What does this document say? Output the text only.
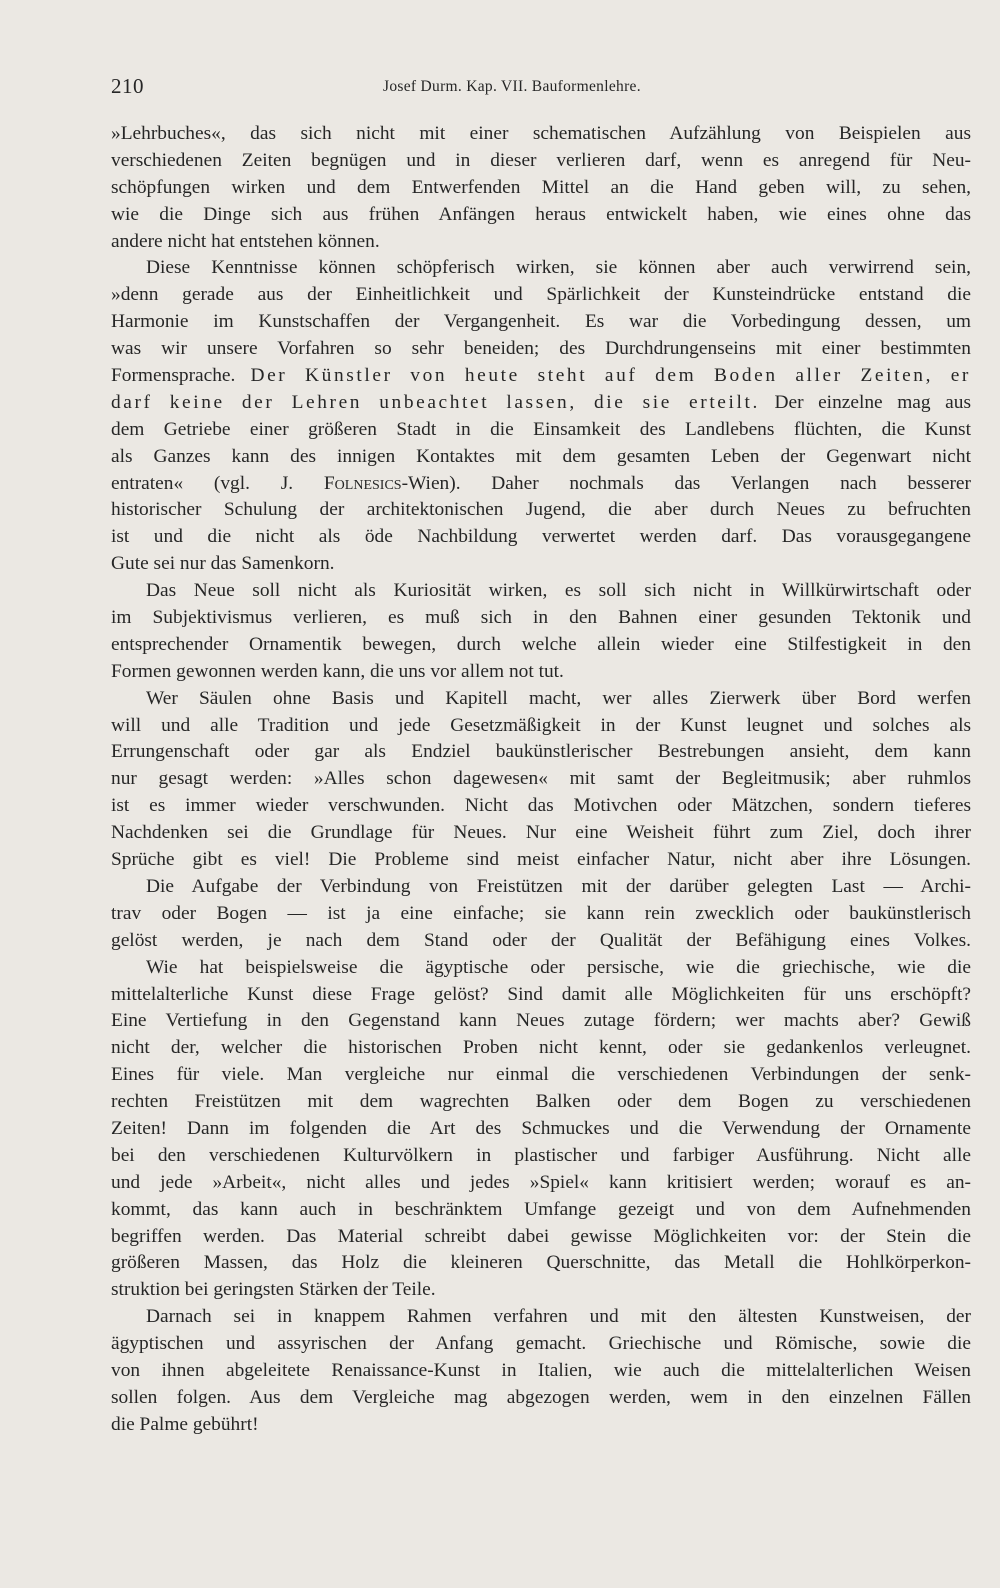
210	Josef Durm. Kap. VII. Bauformenlehre.
»Lehrbuches«, das sich nicht mit einer schematischen Aufzählung von Beispielen aus
verschiedenen Zeiten begnügen und in dieser verlieren darf, wenn es anregend für Neu-
schöpfungen wirken und dem Entwerfenden Mittel an die Hand geben will, zu sehen,
wie die Dinge sich aus frühen Anfängen heraus entwickelt haben, wie eines ohne das
andere nicht hat entstehen können.
Diese Kenntnisse können schöpferisch wirken, sie können aber auch verwirrend sein,
»denn gerade aus der Einheitlichkeit und Spärlichkeit der Kunsteindrücke entstand die
Harmonie im Kunstschaffen der Vergangenheit. Es war die Vorbedingung dessen, um
was wir unsere Vorfahren so sehr beneiden; des Durchdrungenseins mit einer bestimmten
Formensprache. Der Künstler von heute steht auf dem Boden aller Zeiten, er
darf keine der Lehren unbeachtet lassen, die sie erteilt. Der einzelne mag aus
dem Getriebe einer größeren Stadt in die Einsamkeit des Landlebens flüchten, die Kunst
als Ganzes kann des innigen Kontaktes mit dem gesamten Leben der Gegenwart nicht
entraten« (vgl. J. Folnesics-Wien). Daher nochmals das Verlangen nach besserer
historischer Schulung der architektonischen Jugend, die aber durch Neues zu befruchten
ist und die nicht als öde Nachbildung verwertet werden darf. Das vorausgegangene
Gute sei nur das Samenkorn.
Das Neue soll nicht als Kuriosität wirken, es soll sich nicht in Willkürwirtschaft oder
im Subjektivismus verlieren, es muß sich in den Bahnen einer gesunden Tektonik und
entsprechender Ornamentik bewegen, durch welche allein wieder eine Stilfestigkeit in den
Formen gewonnen werden kann, die uns vor allem not tut.
Wer Säulen ohne Basis und Kapitell macht, wer alles Zierwerk über Bord werfen
will und alle Tradition und jede Gesetzmäßigkeit in der Kunst leugnet und solches als
Errungenschaft oder gar als Endziel baukünstlerischer Bestrebungen ansieht, dem kann
nur gesagt werden: »Alles schon dagewesen« mit samt der Begleitmusik; aber ruhmlos
ist es immer wieder verschwunden. Nicht das Motivchen oder Mätzchen, sondern tieferes
Nachdenken sei die Grundlage für Neues. Nur eine Weisheit führt zum Ziel, doch ihrer
Sprüche gibt es viel! Die Probleme sind meist einfacher Natur, nicht aber ihre Lösungen.
Die Aufgabe der Verbindung von Freistützen mit der darüber gelegten Last — Archi-
trav oder Bogen — ist ja eine einfache; sie kann rein zwecklich oder baukünstlerisch
gelöst werden, je nach dem Stand oder der Qualität der Befähigung eines Volkes.
Wie hat beispielsweise die ägyptische oder persische, wie die griechische, wie die
mittelalterliche Kunst diese Frage gelöst? Sind damit alle Möglichkeiten für uns erschöpft?
Eine Vertiefung in den Gegenstand kann Neues zutage fördern; wer machts aber? Gewiß
nicht der, welcher die historischen Proben nicht kennt, oder sie gedankenlos verleugnet.
Eines für viele. Man vergleiche nur einmal die verschiedenen Verbindungen der senk-
rechten Freistützen mit dem wagrechten Balken oder dem Bogen zu verschiedenen
Zeiten! Dann im folgenden die Art des Schmuckes und die Verwendung der Ornamente
bei den verschiedenen Kulturvölkern in plastischer und farbiger Ausführung. Nicht alle
und jede »Arbeit«, nicht alles und jedes »Spiel« kann kritisiert werden; worauf es an-
kommt, das kann auch in beschränktem Umfange gezeigt und von dem Aufnehmenden
begriffen werden. Das Material schreibt dabei gewisse Möglichkeiten vor: der Stein die
größeren Massen, das Holz die kleineren Querschnitte, das Metall die Hohlkörperkon-
struktion bei geringsten Stärken der Teile.
Darnach sei in knappem Rahmen verfahren und mit den ältesten Kunstweisen, der
ägyptischen und assyrischen der Anfang gemacht. Griechische und Römische, sowie die
von ihnen abgeleitete Renaissance-Kunst in Italien, wie auch die mittelalterlichen Weisen
sollen folgen. Aus dem Vergleiche mag abgezogen werden, wem in den einzelnen Fällen
die Palme gebührt!
